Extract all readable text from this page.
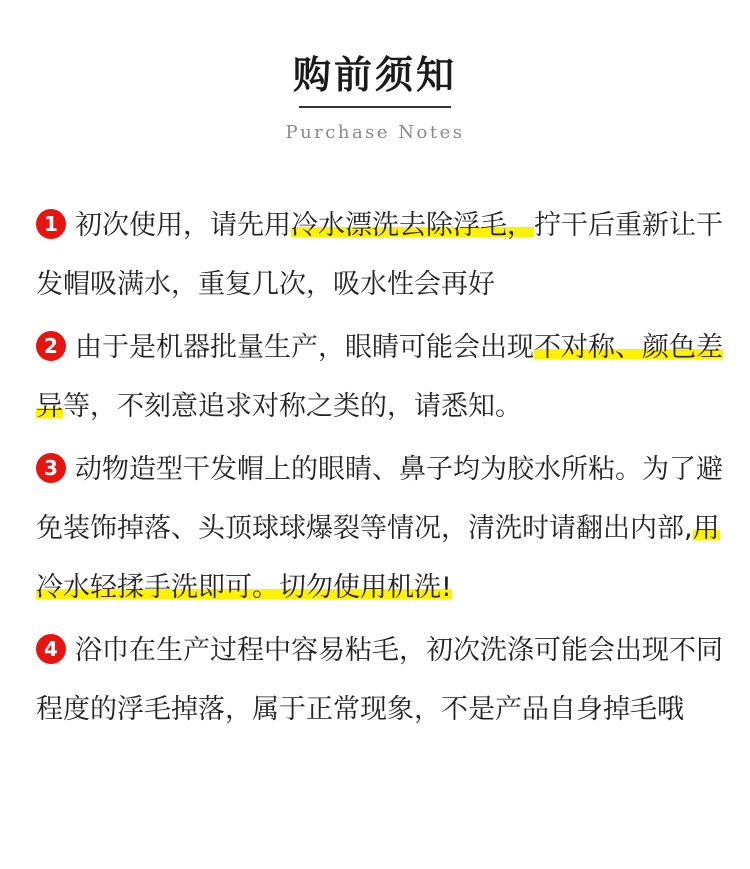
购前须知
Purchase Notes

1 初次使用，请先用冷水漂洗去除浮毛，拧干后重新让干发帽吸满水，重复几次，吸水性会再好

2 由于是机器批量生产，眼睛可能会出现不对称、颜色差异等，不刻意追求对称之类的，请悉知。

3 动物造型干发帽上的眼睛、鼻子均为胶水所粘。为了避免装饰掉落、头顶球球爆裂等情况，清洗时请翻出内部,用冷水轻揉手洗即可。切勿使用机洗!

4 浴巾在生产过程中容易粘毛，初次洗涤可能会出现不同程度的浮毛掉落，属于正常现象，不是产品自身掉毛哦
